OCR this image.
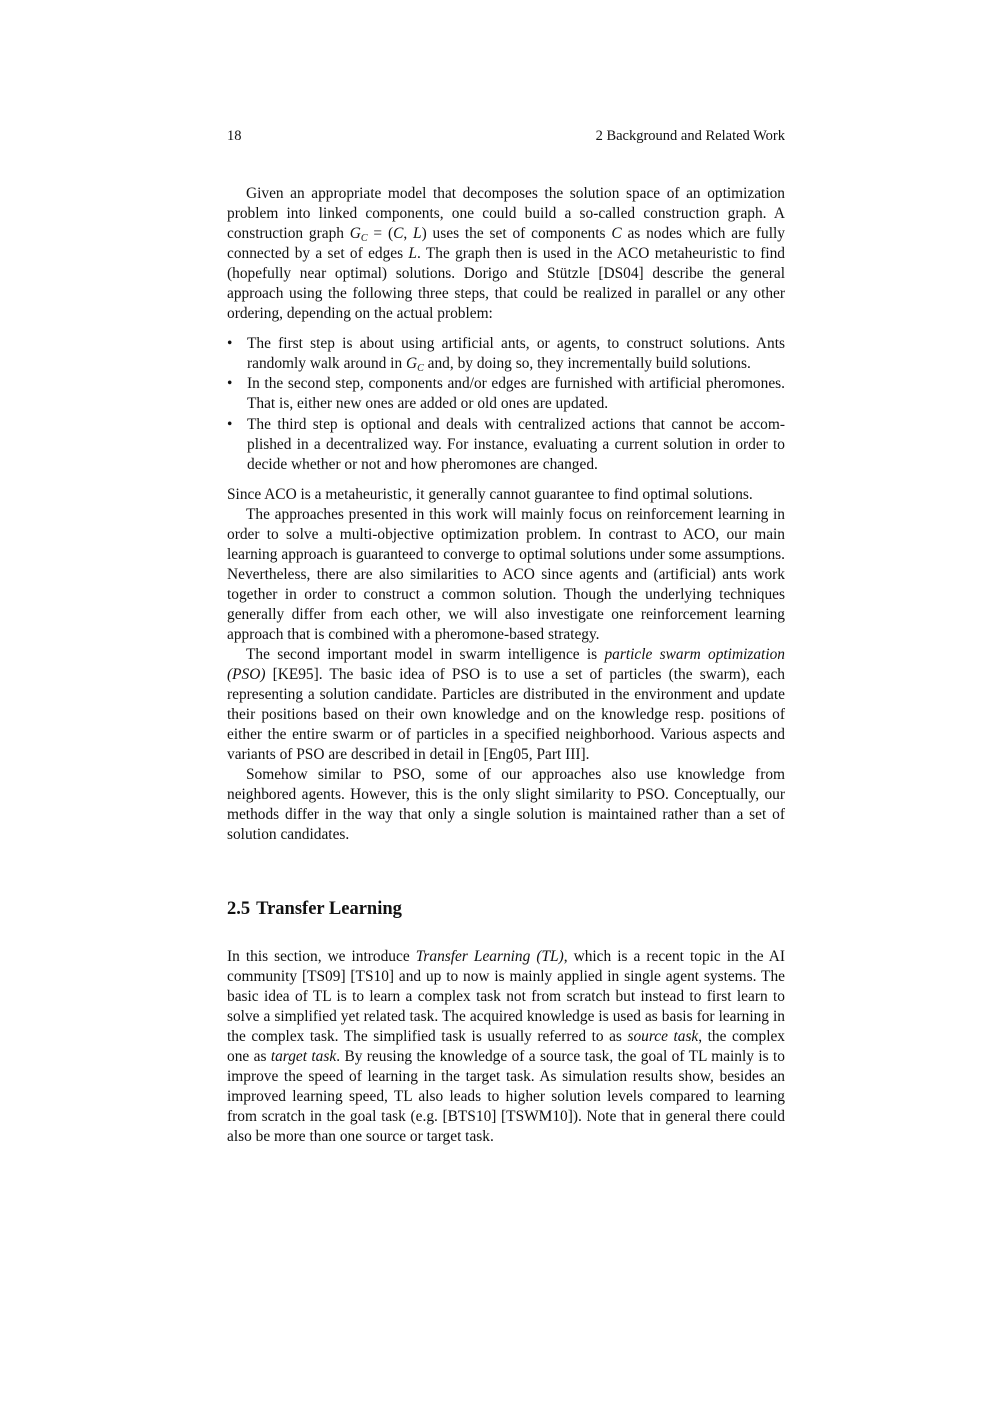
18	2 Background and Related Work

Given an appropriate model that decomposes the solution space of an optimization problem into linked components, one could build a so-called construction graph. A construction graph $G_C = (C$, L) uses the set of components C as nodes which are fully connected by a set of edges L. The graph then is used in the ACO metaheuristic to find (hopefully near optimal) solutions. Dorigo and Stützle [DS04] describe the general approach using the following three steps, that could be realized in parallel or any other ordering, depending on the actual problem:

• The first step is about using artificial ants, or agents, to construct solutions. Ants randomly walk around in $G_C$ and, by doing so, they incrementally build solutions.
• In the second step, components and/or edges are furnished with artificial pheromones. That is, either new ones are added or old ones are updated.
• The third step is optional and deals with centralized actions that cannot be accomplished in a decentralized way. For instance, evaluating a current solution in order to decide whether or not and how pheromones are changed.

Since ACO is a metaheuristic, it generally cannot guarantee to find optimal solutions.

The approaches presented in this work will mainly focus on reinforcement learning in order to solve a multi-objective optimization problem. In contrast to ACO, our main learning approach is guaranteed to converge to optimal solutions under some assumptions. Nevertheless, there are also similarities to ACO since agents and (artificial) ants work together in order to construct a common solution. Though the underlying techniques generally differ from each other, we will also investigate one reinforcement learning approach that is combined with a pheromone-based strategy.

The second important model in swarm intelligence is particle swarm optimization (PSO) [KE95]. The basic idea of PSO is to use a set of particles (the swarm), each representing a solution candidate. Particles are distributed in the environment and update their positions based on their own knowledge and on the knowledge resp. positions of either the entire swarm or of particles in a specified neighborhood. Various aspects and variants of PSO are described in detail in [Eng05, Part III].

Somehow similar to PSO, some of our approaches also use knowledge from neighbored agents. However, this is the only slight similarity to PSO. Conceptually, our methods differ in the way that only a single solution is maintained rather than a set of solution candidates.

2.5 Transfer Learning

In this section, we introduce Transfer Learning (TL), which is a recent topic in the AI community [TS09] [TS10] and up to now is mainly applied in single agent systems. The basic idea of TL is to learn a complex task not from scratch but instead to first learn to solve a simplified yet related task. The acquired knowledge is used as basis for learning in the complex task. The simplified task is usually referred to as source task, the complex one as target task. By reusing the knowledge of a source task, the goal of TL mainly is to improve the speed of learning in the target task. As simulation results show, besides an improved learning speed, TL also leads to higher solution levels compared to learning from scratch in the goal task (e.g. [BTS10] [TSWM10]). Note that in general there could also be more than one source or target task.
